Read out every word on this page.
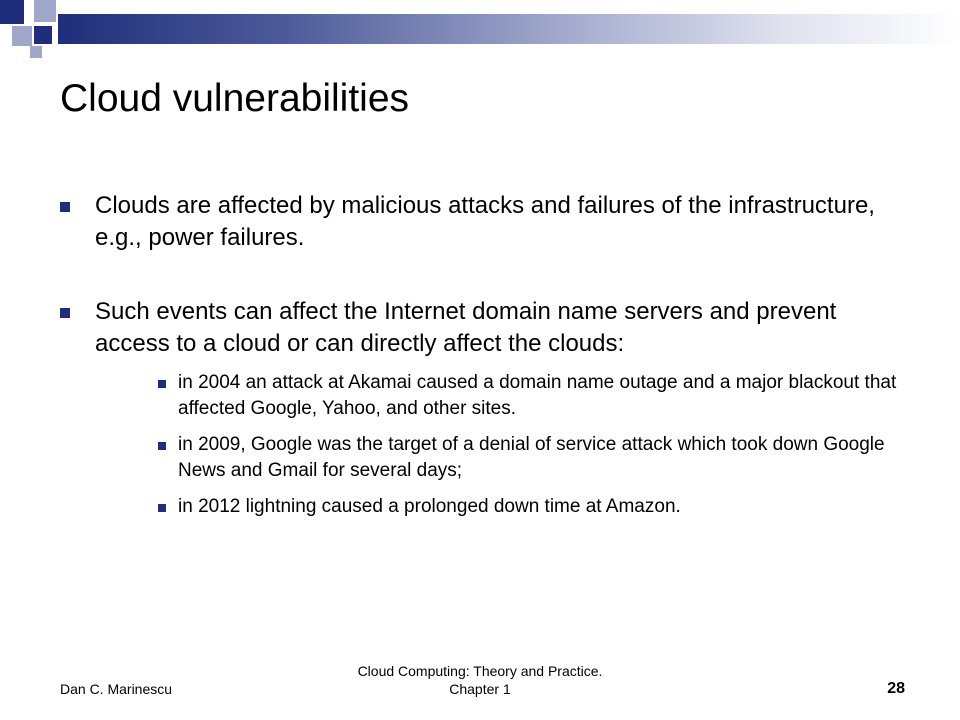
Cloud vulnerabilities
Clouds are affected by malicious attacks and failures of the infrastructure, e.g., power failures.
Such events can affect the Internet domain name servers and prevent access to a cloud or can directly affect the clouds:
in 2004 an attack at Akamai caused a domain name outage and a major blackout that affected Google, Yahoo, and other sites.
in 2009, Google was the target of a denial of service attack which took down Google News and Gmail for several days;
in 2012 lightning caused a prolonged down time at Amazon.
Dan C. Marinescu
Cloud Computing: Theory and Practice.
Chapter 1	28
